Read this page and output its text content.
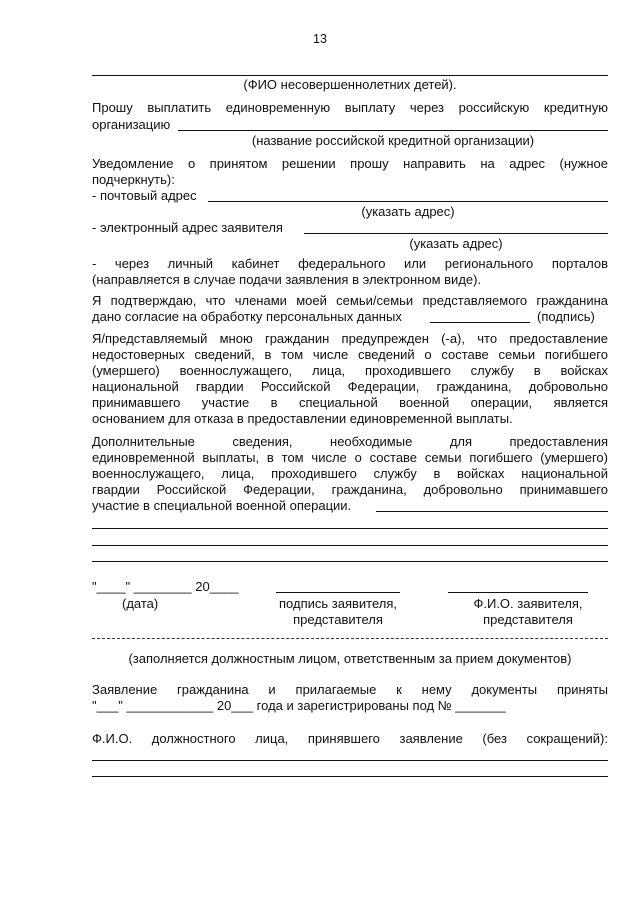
13
(ФИО несовершеннолетних детей).
Прошу выплатить единовременную выплату через российскую кредитную
организацию
(название российской кредитной организации)
Уведомление о принятом решении прошу направить на адрес (нужное
подчеркнуть):
- почтовый адрес
(указать адрес)
- электронный адрес заявителя
(указать адрес)
- через личный кабинет федерального или регионального порталов
(направляется в случае подачи заявления в электронном виде).
Я подтверждаю, что членами моей семьи/семьи представляемого гражданина
дано согласие на обработку персональных данных	(подпись)
Я/представляемый мною гражданин предупрежден (-а), что предоставление
недостоверных сведений, в том числе сведений о составе семьи погибшего
(умершего) военнослужащего, лица, проходившего службу в войсках
национальной гвардии Российской Федерации, гражданина, добровольно
принимавшего участие в специальной военной операции, является
основанием для отказа в предоставлении единовременной выплаты.
Дополнительные сведения, необходимые для предоставления
единовременной выплаты, в том числе о составе семьи погибшего (умершего)
военнослужащего, лица, проходившего службу в войсках национальной
гвардии Российской Федерации, гражданина, добровольно принимавшего
участие в специальной военной операции.
"____" ________ 20____
(дата)	подпись заявителя,
представителя
Ф.И.О. заявителя,
представителя
(заполняется должностным лицом, ответственным за прием документов)
Заявление гражданина и прилагаемые к нему документы приняты
"___" ____________ 20___ года и зарегистрированы под № _______
Ф.И.О. должностного лица, принявшего заявление (без сокращений):
